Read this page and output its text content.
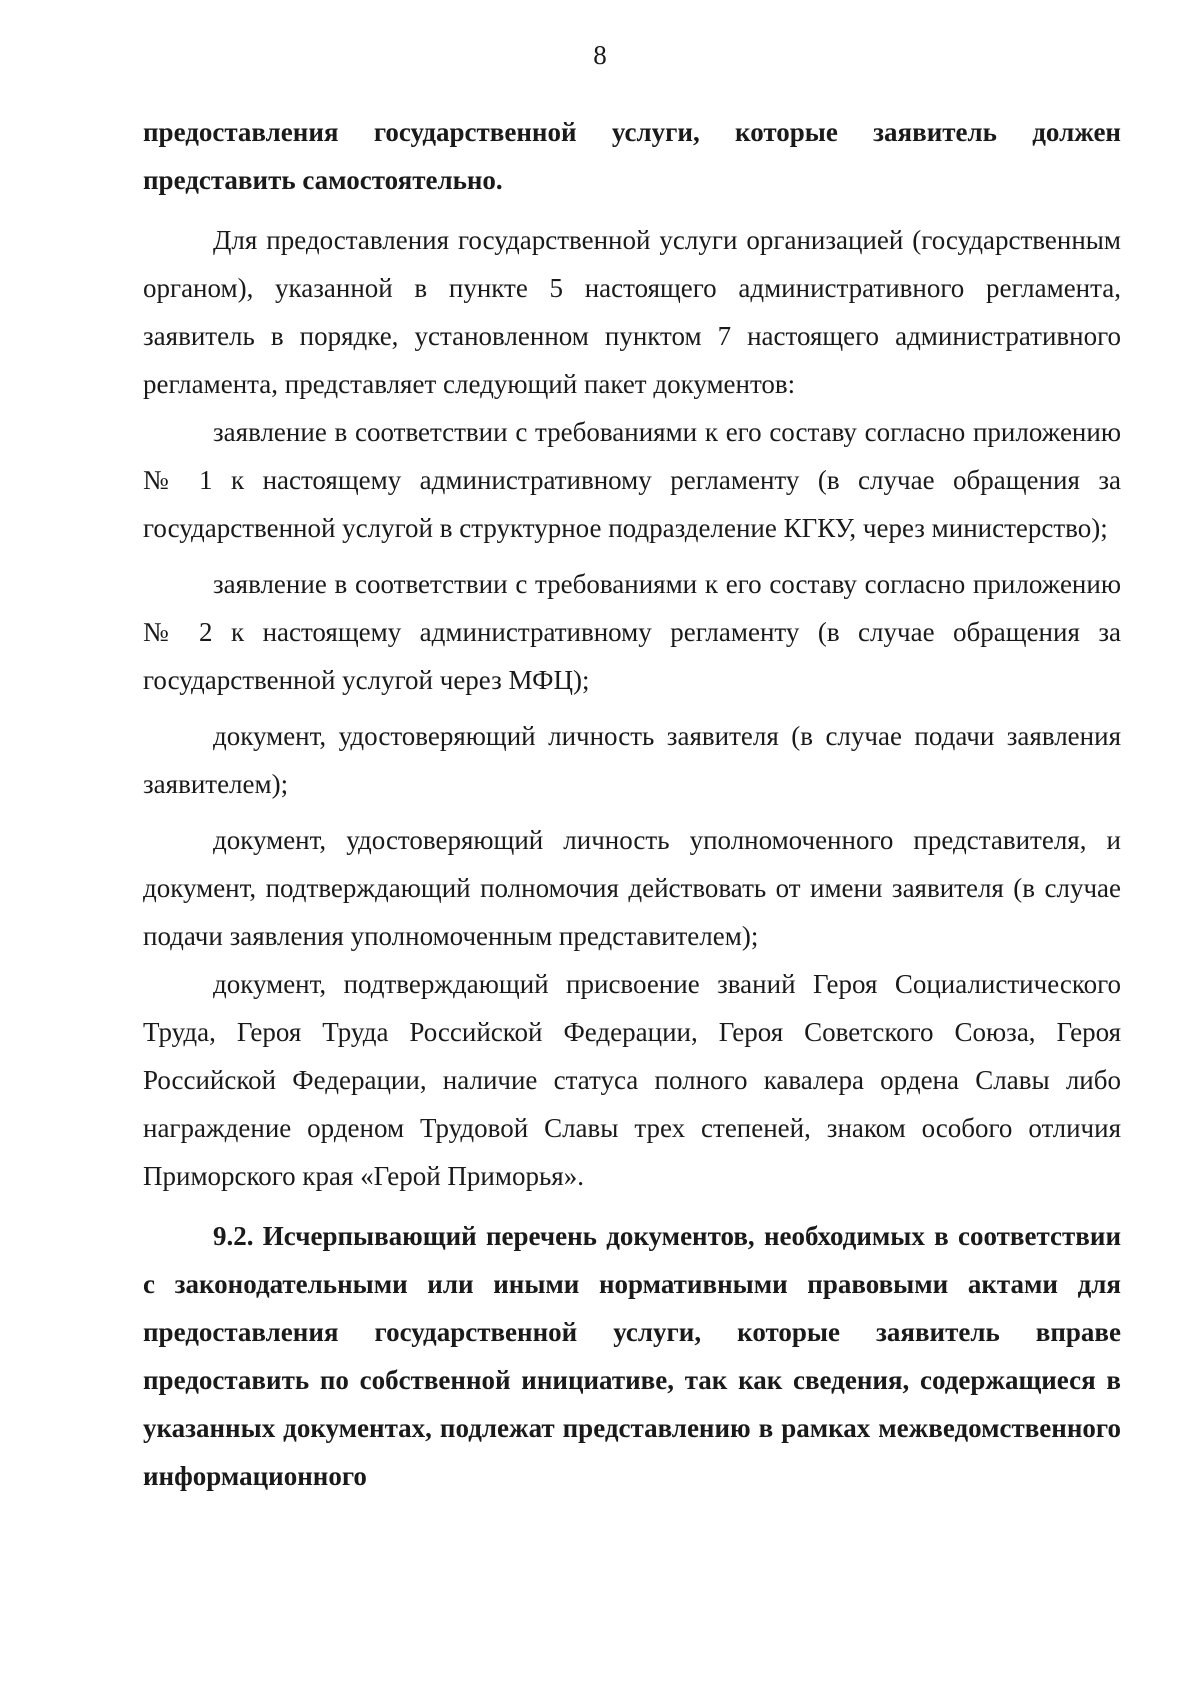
8

предоставления государственной услуги, которые заявитель должен представить самостоятельно.

Для предоставления государственной услуги организацией (государственным органом), указанной в пункте 5 настоящего административного регламента, заявитель в порядке, установленном пунктом 7 настоящего административного регламента, представляет следующий пакет документов:

заявление в соответствии с требованиями к его составу согласно приложению № 1 к настоящему административному регламенту (в случае обращения за государственной услугой в структурное подразделение КГКУ, через министерство);

заявление в соответствии с требованиями к его составу согласно приложению № 2 к настоящему административному регламенту (в случае обращения за государственной услугой через МФЦ);

документ, удостоверяющий личность заявителя (в случае подачи заявления заявителем);

документ, удостоверяющий личность уполномоченного представителя, и документ, подтверждающий полномочия действовать от имени заявителя (в случае подачи заявления уполномоченным представителем);

документ, подтверждающий присвоение званий Героя Социалистического Труда, Героя Труда Российской Федерации, Героя Советского Союза, Героя Российской Федерации, наличие статуса полного кавалера ордена Славы либо награждение орденом Трудовой Славы трех степеней, знаком особого отличия Приморского края «Герой Приморья».

9.2. Исчерпывающий перечень документов, необходимых в соответствии с законодательными или иными нормативными правовыми актами для предоставления государственной услуги, которые заявитель вправе предоставить по собственной инициативе, так как сведения, содержащиеся в указанных документах, подлежат представлению в рамках межведомственного информационного
